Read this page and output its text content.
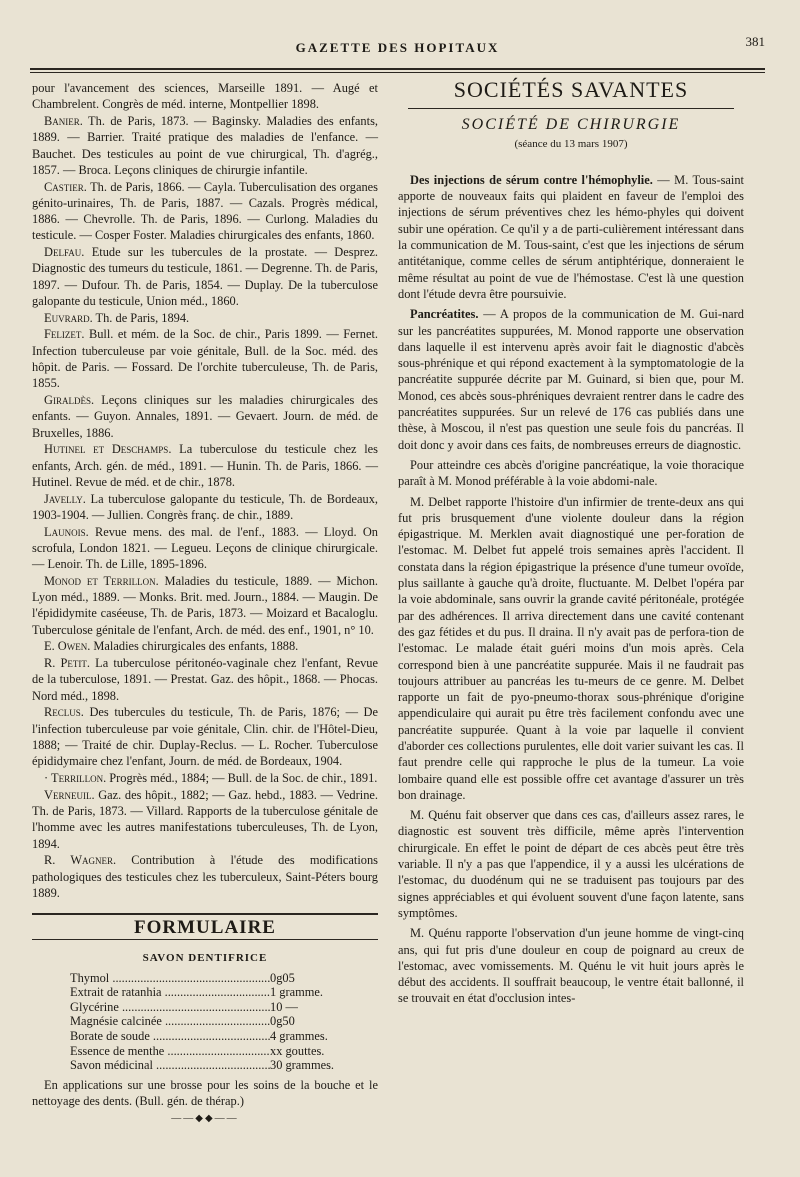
GAZETTE DES HOPITAUX	381

pour l'avancement des sciences, Marseille 1891. — Augé et Chambrelent. Congrès de méd. interne, Montpellier 1898.

Banier. Th. de Paris, 1873. — Baginsky. Maladies des enfants, 1889. — Barrier. Traité pratique des maladies de l'enfance. — Bauchet. Des testicules au point de vue chirurgical, Th. d'agrég., 1857. — Broca. Leçons cliniques de chirurgie infantile.

Castier. Th. de Paris, 1866. — Cayla. Tuberculisation des organes génito-urinaires, Th. de Paris, 1887. — Cazals. Progrès médical, 1886. — Chevrolle. Th. de Paris, 1896. — Curlong. Maladies du testicule. — Cosper Foster. Maladies chirurgicales des enfants, 1860.

Delfau. Etude sur les tubercules de la prostate. — Desprez. Diagnostic des tumeurs du testicule, 1861. — Degrenne. Th. de Paris, 1897. — Dufour. Th. de Paris, 1854. — Duplay. De la tuberculose galopante du testicule, Union méd., 1860.

Euvrard. Th. de Paris, 1894.

Felizet. Bull. et mém. de la Soc. de chir., Paris 1899. — Fernet. Infection tuberculeuse par voie génitale, Bull. de la Soc. méd. des hôpit. de Paris. — Fossard. De l'orchite tuberculeuse, Th. de Paris, 1855.

Giraldès. Leçons cliniques sur les maladies chirurgicales des enfants. — Guyon. Annales, 1891. — Gevaert. Journ. de méd. de Bruxelles, 1886.

Hutinel et Deschamps. La tuberculose du testicule chez les enfants, Arch. gén. de méd., 1891. — Hunin. Th. de Paris, 1866. — Hutinel. Revue de méd. et de chir., 1878.

Javelly. La tuberculose galopante du testicule, Th. de Bordeaux, 1903-1904. — Jullien. Congrès franç. de chir., 1889.

Launois. Revue mens. des mal. de l'enf., 1883. — Lloyd. On scrofula, London 1821. — Legueu. Leçons de clinique chirurgicale. — Lenoir. Th. de Lille, 1895-1896.

Monod et Terrillon. Maladies du testicule, 1889. — Michon. Lyon méd., 1889. — Monks. Brit. med. Journ., 1884. — Maugin. De l'épididymite caséeuse, Th. de Paris, 1873. — Moizard et Bacaloglu. Tuberculose génitale de l'enfant, Arch. de méd. des enf., 1901, n° 10.

E. Owen. Maladies chirurgicales des enfants, 1888.

R. Petit. La tuberculose péritonéo-vaginale chez l'enfant, Revue de la tuberculose, 1891. — Prestat. Gaz. des hôpit., 1868. — Phocas. Nord méd., 1898.

Reclus. Des tubercules du testicule, Th. de Paris, 1876; — De l'infection tuberculeuse par voie génitale, Clin. chir. de l'Hôtel-Dieu, 1888; — Traité de chir. Duplay-Reclus. — L. Rocher. Tuberculose épididymaire chez l'enfant, Journ. de méd. de Bordeaux, 1904.

· Terrillon. Progrès méd., 1884; — Bull. de la Soc. de chir., 1891.

Verneuil. Gaz. des hôpit., 1882; — Gaz. hebd., 1883. — Vedrine. Th. de Paris, 1873. — Villard. Rapports de la tuberculose génitale de l'homme avec les autres manifestations tuberculeuses, Th. de Lyon, 1894.

R. Wagner. Contribution à l'étude des modifications pathologiques des testicules chez les tuberculeux, Saint-Péters bourg 1889.

FORMULAIRE
SAVON DENTIFRICE
Thymol .....	0g05
Extrait de ratanhia .....	1 gramme.
Glycérine .....	10 —
Magnésie calcinée .....	0g50
Borate de soude .....	4 grammes.
Essence de menthe .....	xx gouttes.
Savon médicinal .....	30 grammes.

En applications sur une brosse pour les soins de la bouche et le nettoyage des dents. (Bull. gén. de thérap.)

——◆◆——
SOCIÉTÉS SAVANTES
SOCIÉTÉ DE CHIRURGIE
(séance du 13 mars 1907)

Des injections de sérum contre l'hémophylie. — M. Tous-saint apporte de nouveaux faits qui plaident en faveur de l'emploi des injections de sérum préventives chez les hémo-phyles qui doivent subir une opération. Ce qu'il y a de parti-culièrement intéressant dans la communication de M. Tous-saint, c'est que les injections de sérum antitétanique, comme celles de sérum antiphtérique, donneraient le même résultat au point de vue de l'hémostase. C'est là une question dont l'étude devra être poursuivie.

Pancréatites. — A propos de la communication de M. Gui-nard sur les pancréatites suppurées, M. Monod rapporte une observation dans laquelle il est intervenu après avoir fait le diagnostic d'abcès sous-phrénique et qui répond exactement à la symptomatologie de la pancréatite suppurée décrite par M. Guinard, si bien que, pour M. Monod, ces abcès sous-phréniques devraient rentrer dans le cadre des pancréatites suppurées. Sur un relevé de 176 cas publiés dans une thèse, à Moscou, il n'est pas question une seule fois du pancréas. Il doit donc y avoir dans ces faits, de nombreuses erreurs de diagnostic.

Pour atteindre ces abcès d'origine pancréatique, la voie thoracique paraît à M. Monod préférable à la voie abdomi-nale.

M. Delbet rapporte l'histoire d'un infirmier de trente-deux ans qui fut pris brusquement d'une violente douleur dans la région épigastrique. M. Merklen avait diagnostiqué une per-foration de l'estomac. M. Delbet fut appelé trois semaines après l'accident. Il constata dans la région épigastrique la présence d'une tumeur ovoïde, plus saillante à gauche qu'à droite, fluctuante. M. Delbet l'opéra par la voie abdominale, sans ouvrir la grande cavité péritonéale, protégée par des adhérences. Il arriva directement dans une cavité contenant des gaz fétides et du pus. Il draina. Il n'y avait pas de perfora-tion de l'estomac. Le malade était guéri moins d'un mois après. Cela correspond bien à une pancréatite suppurée. Mais il ne faudrait pas toujours attribuer au pancréas les tu-meurs de ce genre. M. Delbet rapporte un fait de pyo-pneumo-thorax sous-phrénique d'origine appendiculaire qui aurait pu être très facilement confondu avec une pancréatite suppurée. Quant à la voie par laquelle il convient d'aborder ces collections purulentes, elle doit varier suivant les cas. Il faut prendre celle qui rapproche le plus de la tumeur. La voie lombaire quand elle est possible offre cet avantage d'assurer un très bon drainage.

M. Quénu fait observer que dans ces cas, d'ailleurs assez rares, le diagnostic est souvent très difficile, même après l'intervention chirurgicale. En effet le point de départ de ces abcès peut être très variable. Il n'y a pas que l'appendice, il y a aussi les ulcérations de l'estomac, du duodénum qui ne se traduisent pas toujours par des signes appréciables et qui évoluent souvent d'une façon latente, sans symptômes.

M. Quénu rapporte l'observation d'un jeune homme de vingt-cinq ans, qui fut pris d'une douleur en coup de poignard au creux de l'estomac, avec vomissements. M. Quénu le vit huit jours après le début des accidents. Il souffrait beaucoup, le ventre était ballonné, il se trouvait en état d'occlusion intes-
